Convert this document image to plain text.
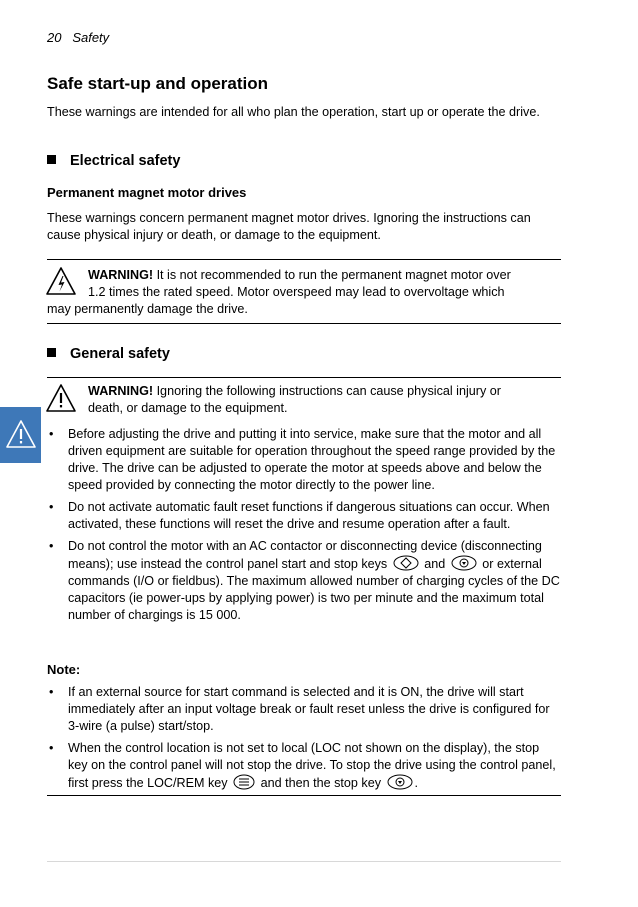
20 Safety
Safe start-up and operation
These warnings are intended for all who plan the operation, start up or operate the drive.
Electrical safety
Permanent magnet motor drives
These warnings concern permanent magnet motor drives. Ignoring the instructions can cause physical injury or death, or damage to the equipment.
WARNING! It is not recommended to run the permanent magnet motor over
1.2 times the rated speed. Motor overspeed may lead to overvoltage which
may permanently damage the drive.
General safety
WARNING! Ignoring the following instructions can cause physical injury or
death, or damage to the equipment.
• Before adjusting the drive and putting it into service, make sure that the motor and all driven equipment are suitable for operation throughout the speed range provided by the drive. The drive can be adjusted to operate the motor at speeds above and below the speed provided by connecting the motor directly to the power line.
• Do not activate automatic fault reset functions if dangerous situations can occur. When activated, these functions will reset the drive and resume operation after a fault.
• Do not control the motor with an AC contactor or disconnecting device (disconnecting means); use instead the control panel start and stop keys	and	or external commands (I/O or fieldbus). The maximum allowed number of charging cycles of the DC capacitors (ie power-ups by applying power) is two per minute and the maximum total number of chargings is 15 000.
Note:
• If an external source for start command is selected and it is ON, the drive will start immediately after an input voltage break or fault reset unless the drive is configured for 3-wire (a pulse) start/stop.
• When the control location is not set to local (LOC not shown on the display), the stop key on the control panel will not stop the drive. To stop the drive using the control panel, first press the LOC/REM key	and then the stop key	.
